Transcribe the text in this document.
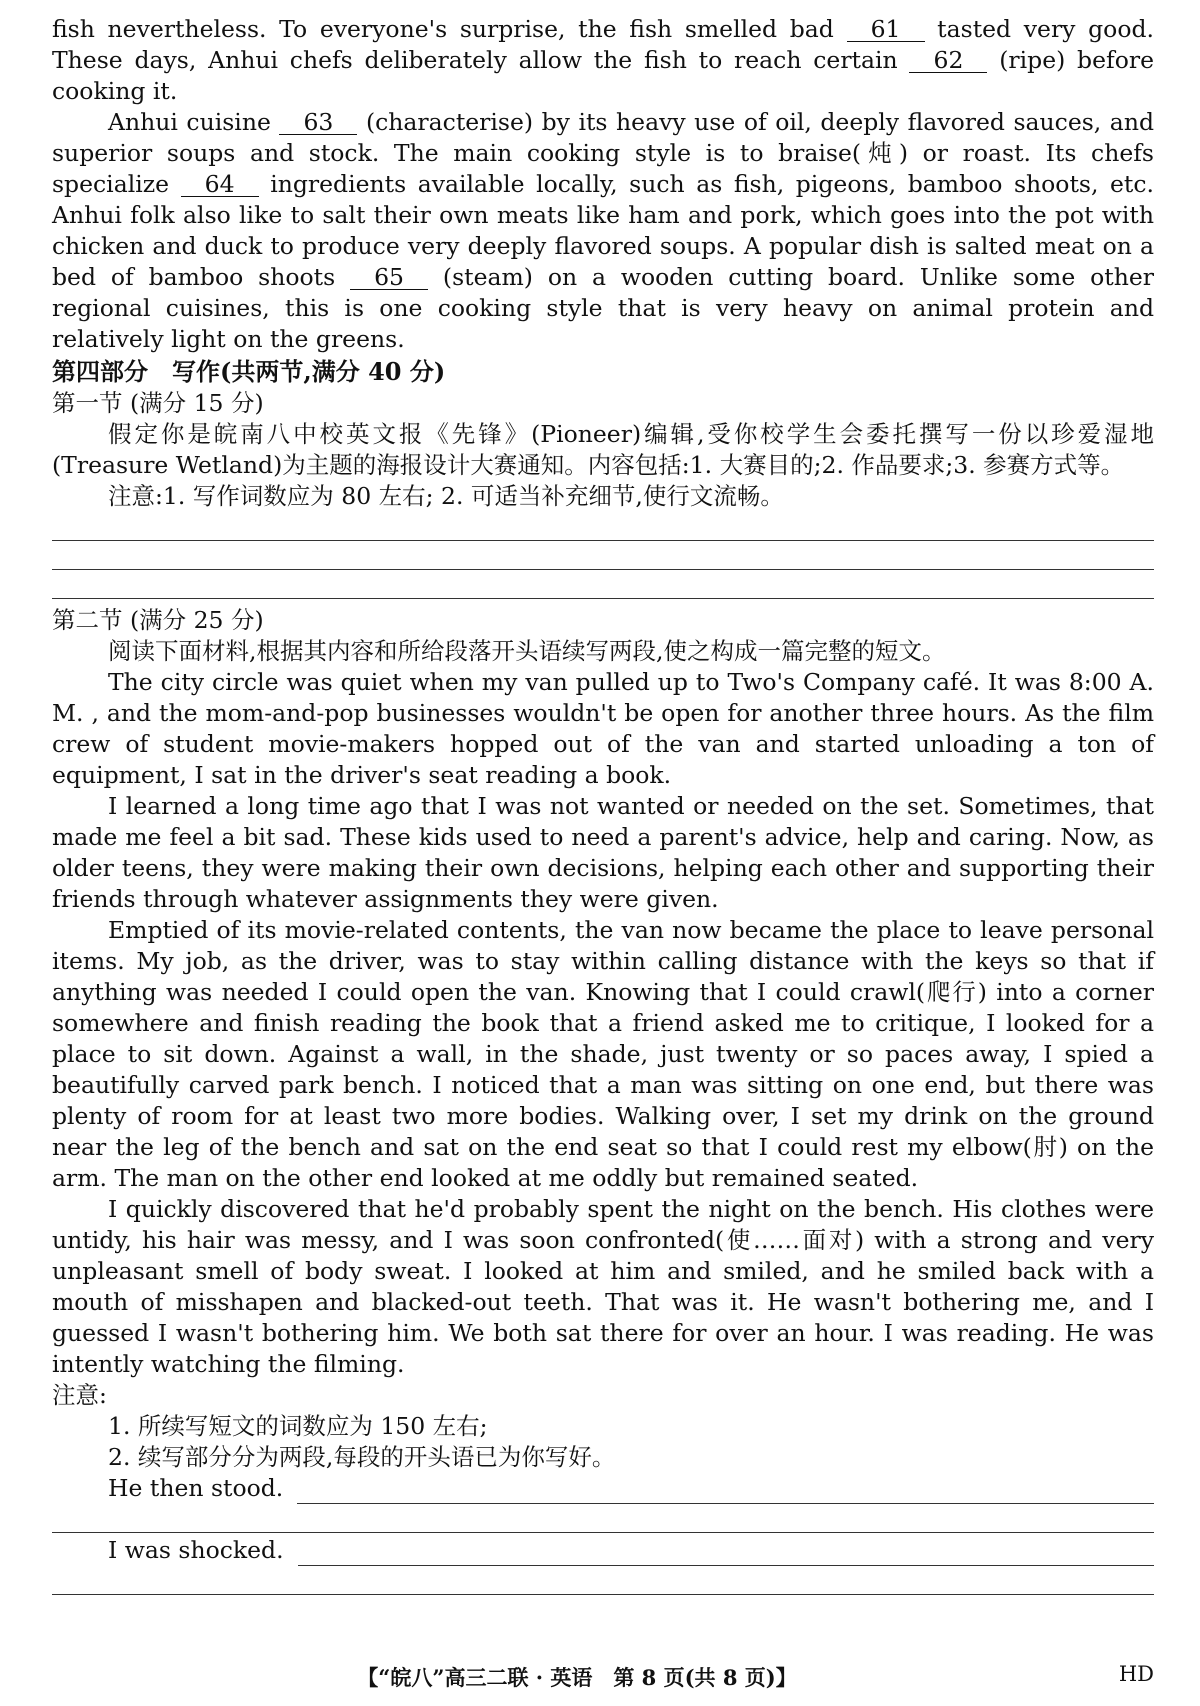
fish nevertheless. To everyone's surprise, the fish smelled bad 61 tasted very good. These days, Anhui chefs deliberately allow the fish to reach certain 62 (ripe) before cooking it.

Anhui cuisine 63 (characterise) by its heavy use of oil, deeply flavored sauces, and superior soups and stock. The main cooking style is to braise(炖) or roast. Its chefs specialize 64 ingredients available locally, such as fish, pigeons, bamboo shoots, etc. Anhui folk also like to salt their own meats like ham and pork, which goes into the pot with chicken and duck to produce very deeply flavored soups. A popular dish is salted meat on a bed of bamboo shoots 65 (steam) on a wooden cutting board. Unlike some other regional cuisines, this is one cooking style that is very heavy on animal protein and relatively light on the greens.

第四部分　写作(共两节,满分 40 分)

第一节 (满分 15 分)

假定你是皖南八中校英文报《先锋》(Pioneer)编辑,受你校学生会委托撰写一份以珍爱湿地(Treasure Wetland)为主题的海报设计大赛通知。内容包括:1. 大赛目的;2. 作品要求;3. 参赛方式等。

注意:1. 写作词数应为 80 左右; 2. 可适当补充细节,使行文流畅。

第二节 (满分 25 分)

阅读下面材料,根据其内容和所给段落开头语续写两段,使之构成一篇完整的短文。

The city circle was quiet when my van pulled up to Two's Company café. It was 8:00 A. M. , and the mom-and-pop businesses wouldn't be open for another three hours. As the film crew of student movie-makers hopped out of the van and started unloading a ton of equipment, I sat in the driver's seat reading a book.

I learned a long time ago that I was not wanted or needed on the set. Sometimes, that made me feel a bit sad. These kids used to need a parent's advice, help and caring. Now, as older teens, they were making their own decisions, helping each other and supporting their friends through whatever assignments they were given.

Emptied of its movie-related contents, the van now became the place to leave personal items. My job, as the driver, was to stay within calling distance with the keys so that if anything was needed I could open the van. Knowing that I could crawl(爬行) into a corner somewhere and finish reading the book that a friend asked me to critique, I looked for a place to sit down. Against a wall, in the shade, just twenty or so paces away, I spied a beautifully carved park bench. I noticed that a man was sitting on one end, but there was plenty of room for at least two more bodies. Walking over, I set my drink on the ground near the leg of the bench and sat on the end seat so that I could rest my elbow(肘) on the arm. The man on the other end looked at me oddly but remained seated.

I quickly discovered that he'd probably spent the night on the bench. His clothes were untidy, his hair was messy, and I was soon confronted(使……面对) with a strong and very unpleasant smell of body sweat. I looked at him and smiled, and he smiled back with a mouth of misshapen and blacked-out teeth. That was it. He wasn't bothering me, and I guessed I wasn't bothering him. We both sat there for over an hour. I was reading. He was intently watching the filming.

注意:

1. 所续写短文的词数应为 150 左右;

2. 续写部分分为两段,每段的开头语已为你写好。

He then stood.
I was shocked.
【“皖八”高三二联 · 英语　第 8 页(共 8 页)】	HD
